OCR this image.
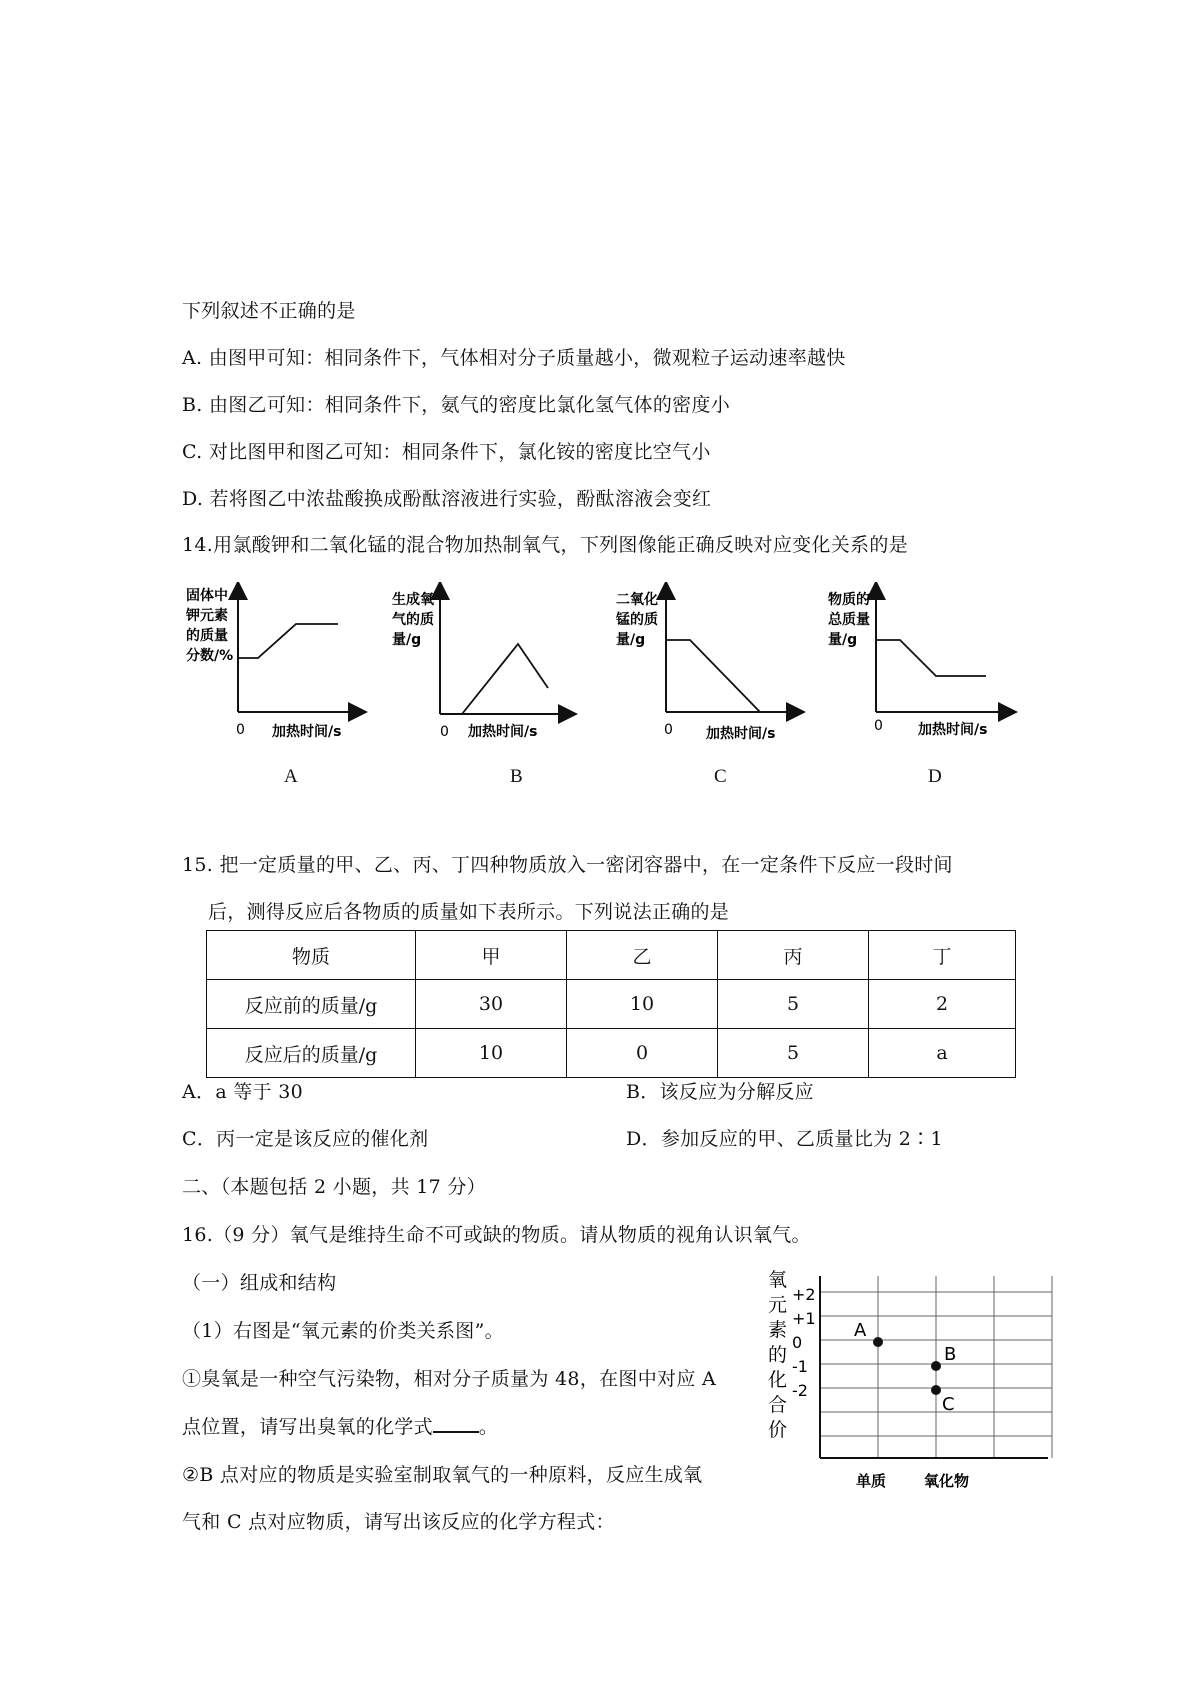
下列叙述不正确的是
A. 由图甲可知：相同条件下，气体相对分子质量越小，微观粒子运动速率越快
B. 由图乙可知：相同条件下，氨气的密度比氯化氢气体的密度小
C. 对比图甲和图乙可知：相同条件下，氯化铵的密度比空气小
D. 若将图乙中浓盐酸换成酚酞溶液进行实验，酚酞溶液会变红
14.用氯酸钾和二氧化锰的混合物加热制氧气，下列图像能正确反映对应变化关系的是
固体中
钾元素
的质量
分数/%
0 加热时间/s
生成氧
气的质
量/g
0 加热时间/s
二氧化
锰的质
量/g
0 加热时间/s
物质的
总质量
量/g
0	加热时间/s
A	B	C	D
15. 把一定质量的甲、乙、丙、丁四种物质放入一密闭容器中，在一定条件下反应一段时间
后，测得反应后各物质的质量如下表所示。下列说法正确的是
物质	甲	乙	丙	丁
反应前的质量/g	30	10	5	2
反应后的质量/g	10	0	5	a
A．a 等于 30	B．该反应为分解反应
C．丙一定是该反应的催化剂	D．参加反应的甲、乙质量比为 2∶1
二、（本题包括 2 小题，共 17 分）
16.（9 分）氧气是维持生命不可或缺的物质。请从物质的视角认识氧气。
（一）组成和结构
（1）右图是“氧元素的价类关系图”。
①臭氧是一种空气污染物，相对分子质量为 48，在图中对应 A
点位置，请写出臭氧的化学式 。
②B 点对应的物质是实验室制取氧气的一种原料，反应生成氧
气和 C 点对应物质，请写出该反应的化学方程式：
氧
元
素
的
化
合
价
+2
+1
0
-1
-2
单质	氧化物
A
B
C
